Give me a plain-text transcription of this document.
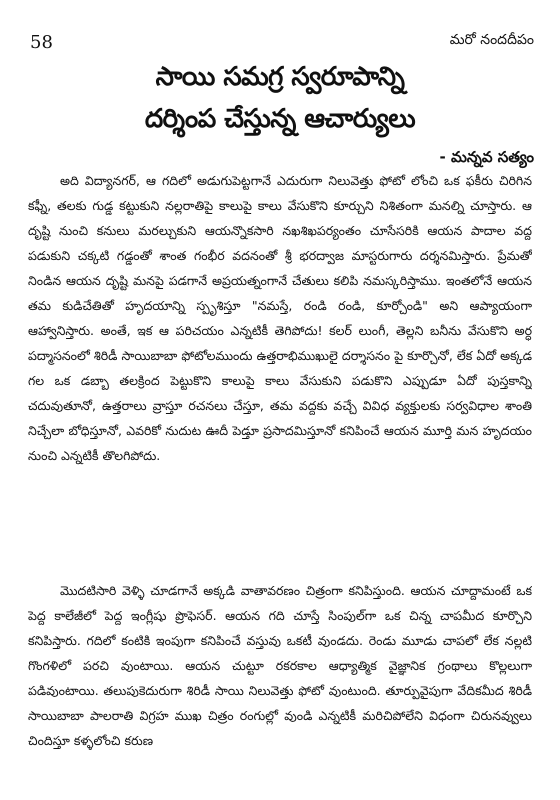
58	మరో నందదీపం
సాయి సమగ్ర స్వరూపాన్ని
దర్శింప చేస్తున్న ఆచార్యులు
- మన్నవ సత్యం

అది విద్యానగర్, ఆ గదిలో అడుగుపెట్టగానే ఎదురుగా నిలువెత్తు ఫోటో లోంచి ఒక ఫకీరు చిరిగిన కఫ్నీ, తలకు గుడ్డ కట్టుకుని నల్లరాతిపై కాలుపై కాలు వేసుకొని కూర్చుని నిశితంగా మనల్ని చూస్తారు. ఆ దృష్టి నుంచి కనులు మరల్చుకుని ఆయన్నొకసారి నఖశిఖపర్యంతం చూసేసరికి ఆయన పాదాల వద్ద పడుకుని చక్కటి గడ్డంతో శాంత గంభీర వదనంతో శ్రీ భరద్వాజ మాస్టరుగారు దర్శనమిస్తారు. ప్రేమతో నిండిన ఆయన దృష్టి మనపై పడగానే అప్రయత్నంగానే చేతులు కలిపి నమస్కరిస్తాము. ఇంతలోనే ఆయన తమ కుడిచేతితో హృదయాన్ని స్పృశిస్తూ "నమస్తే, రండి రండి, కూర్చోండి" అని ఆప్యాయంగా ఆహ్వానిస్తారు. అంతే, ఇక ఆ పరిచయం ఎన్నటికీ తెగిపోదు! కలర్ లుంగీ, తెల్లని బనీను వేసుకొని అర్ధ పద్మాసనంలో శిరిడీ సాయిబాబా ఫోటోలముందు ఉత్తరాభిముఖులై దర్శాసనం పై కూర్చొనో, లేక ఏదో అక్కడ గల ఒక డబ్బా తలక్రింద పెట్టుకొని కాలుపై కాలు వేసుకుని పడుకొని ఎప్పుడూ ఏదో పుస్తకాన్ని చదువుతూనో, ఉత్తరాలు వ్రాస్తూ రచనలు చేస్తూ, తమ వద్దకు వచ్చే వివిధ వ్యక్తులకు సర్వవిధాల శాంతి నిచ్చేలా బోధిస్తూనో, ఎవరికో నుదుట ఊదీ పెడ్తూ ప్రసాదమిస్తూనో కనిపించే ఆయన మూర్తి మన హృదయం నుంచి ఎన్నటికీ తొలగిపోదు.

మొదటిసారి వెళ్ళి చూడగానే అక్కడి వాతావరణం చిత్రంగా కనిపిస్తుంది. ఆయన చూద్దామంటే ఒక పెద్ద కాలేజీలో పెద్ద ఇంగ్లీషు ప్రొఫెసర్. ఆయన గది చూస్తే సింపుల్‌గా ఒక చిన్న చాపమీద కూర్చొని కనిపిస్తారు. గదిలో కంటికి ఇంపుగా కనిపించే వస్తువు ఒకటీ వుండదు. రెండు మూడు చాపలో లేక నల్లటి గొంగళిలో పరచి వుంటాయి. ఆయన చుట్టూ రకరకాల ఆధ్యాత్మిక వైజ్ఞానిక గ్రంథాలు కొల్లలుగా పడివుంటాయి. తలుపుకెదురుగా శిరిడీ సాయి నిలువెత్తు ఫోటో వుంటుంది. తూర్పువైపుగా వేదికమీద శిరిడీ సాయిబాబా పాలరాతి విగ్రహ ముఖ చిత్రం రంగుల్లో వుండి ఎన్నటికీ మరిచిపోలేని విధంగా చిరునవ్వులు చిందిస్తూ కళ్ళలోంచి కరుణ
